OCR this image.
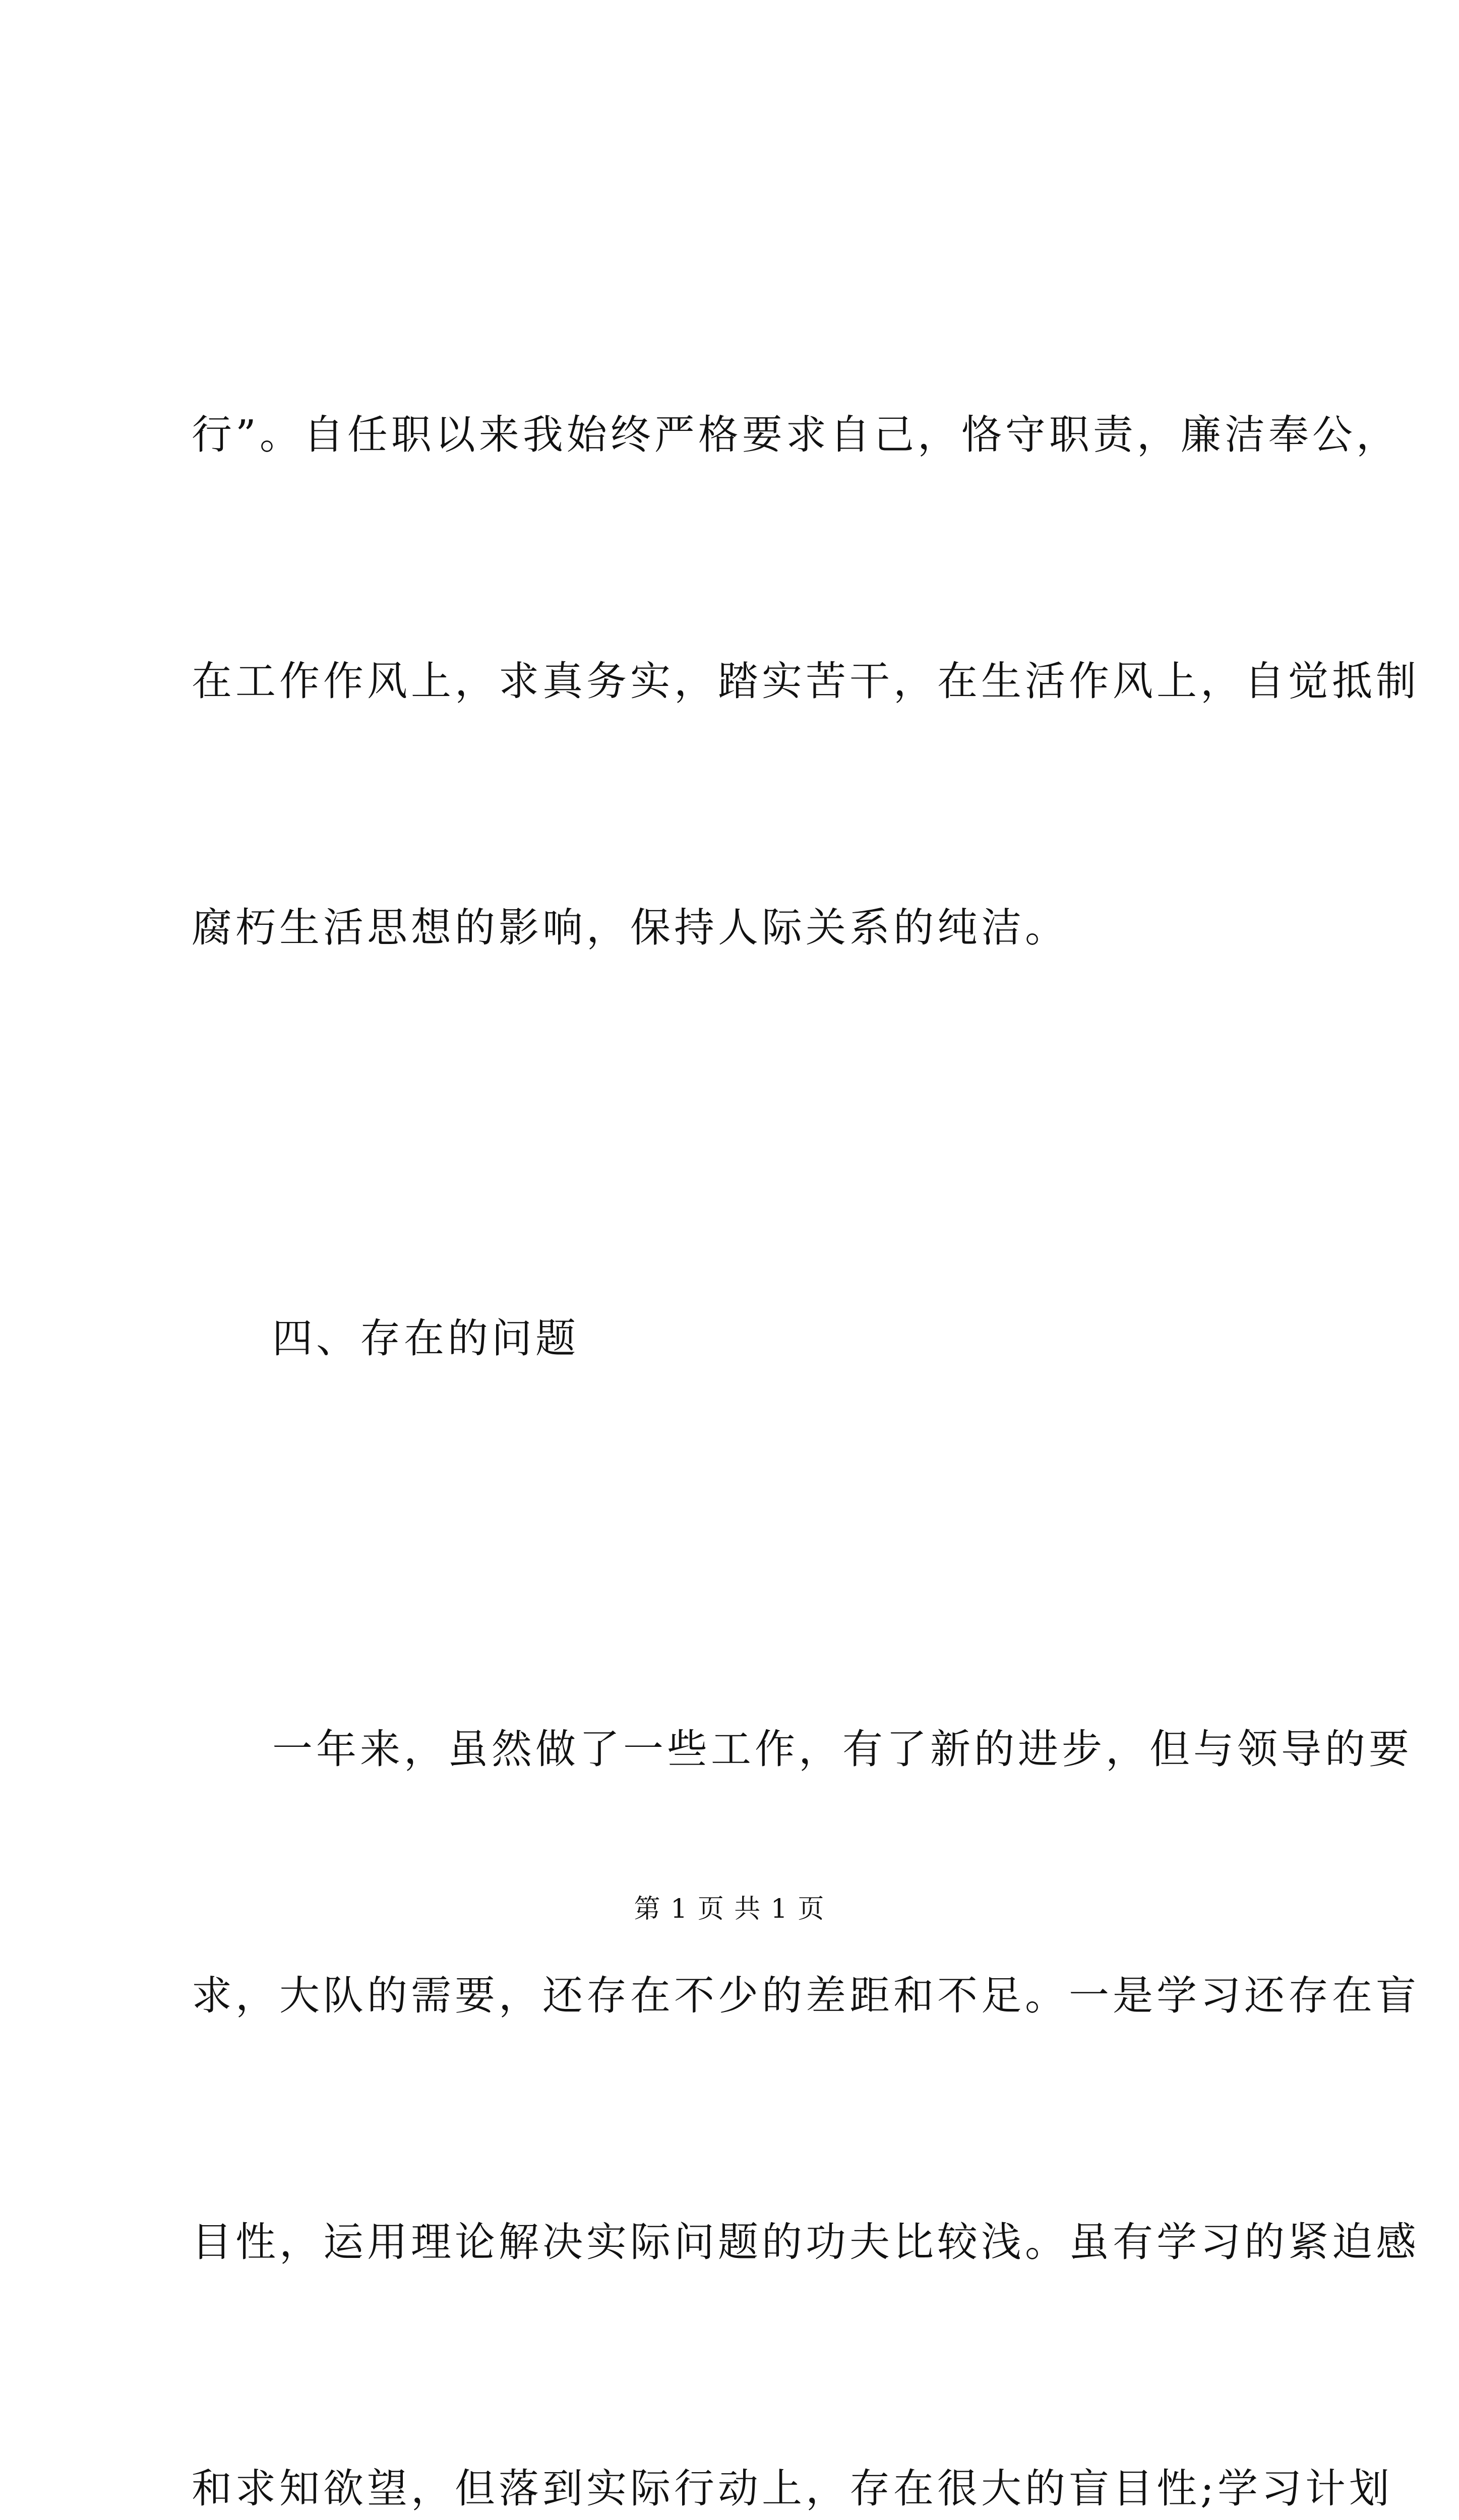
行”。自任职以来我始终严格要求自己，恪守职责，廉洁奉公，

在工作作风上，求真务实，踏实苦干，在生活作风上，自觉抵制

腐朽生活思想的影响，保持人际关系的纯洁。

四、存在的问题

一年来，虽然做了一些工作，有了新的进步，但与领导的要

求，大队的需要，还存在不少的差距和不足。一是学习还存在盲

目性，运用理论解决实际问题的功夫比较浅。虽有学习的紧迫感

和求知欲望，但落到实际行动上，存在很大的盲目性;学习计划

第 1 页 共 1 页
